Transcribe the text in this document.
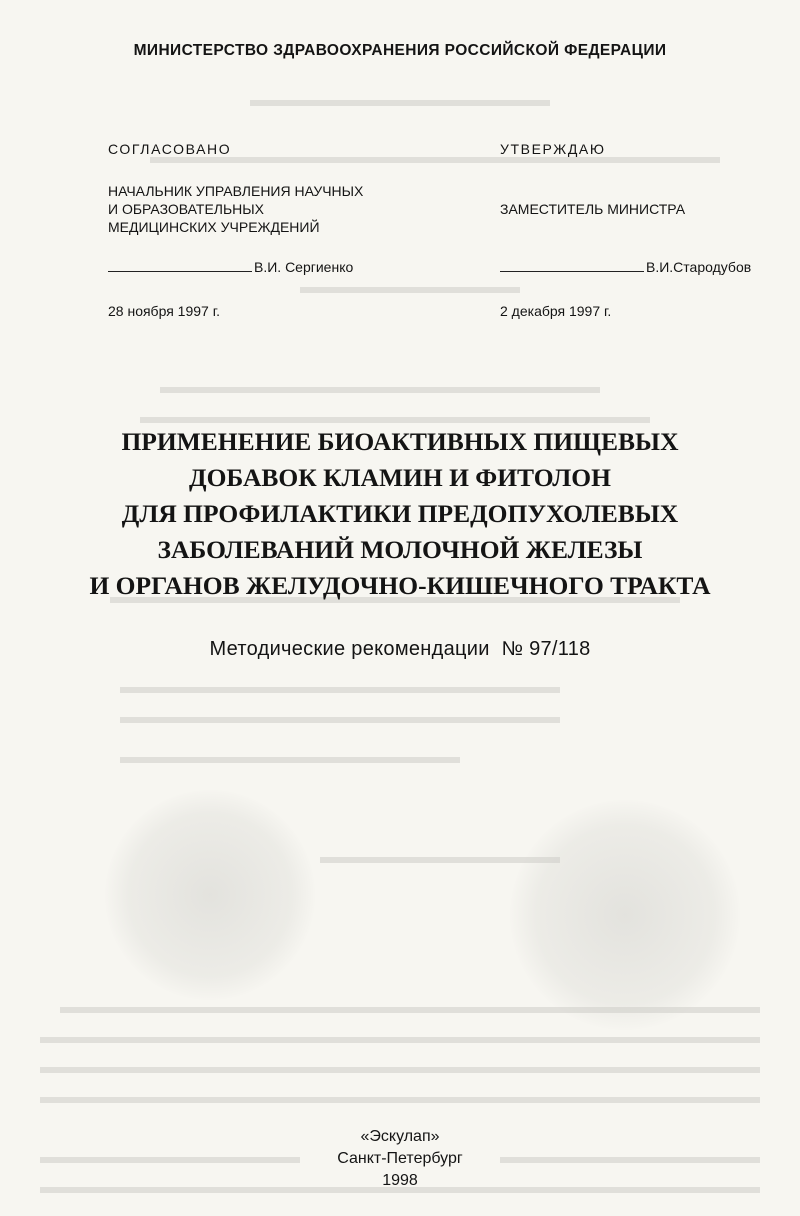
МИНИСТЕРСТВО ЗДРАВООХРАНЕНИЯ РОССИЙСКОЙ ФЕДЕРАЦИИ
СОГЛАСОВАНО
НАЧАЛЬНИК УПРАВЛЕНИЯ НАУЧНЫХ
И ОБРАЗОВАТЕЛЬНЫХ
МЕДИЦИНСКИХ УЧРЕЖДЕНИЙ
В.И. Сергиенко
28 ноября 1997 г.
УТВЕРЖДАЮ
ЗАМЕСТИТЕЛЬ МИНИСТРА
В.И.Стародубов
2 декабря 1997 г.
ПРИМЕНЕНИЕ БИОАКТИВНЫХ ПИЩЕВЫХ
ДОБАВОК КЛАМИН И ФИТОЛОН
ДЛЯ ПРОФИЛАКТИКИ ПРЕДОПУХОЛЕВЫХ
ЗАБОЛЕВАНИЙ МОЛОЧНОЙ ЖЕЛЕЗЫ
И ОРГАНОВ ЖЕЛУДОЧНО-КИШЕЧНОГО ТРАКТА
Методические рекомендации  № 97/118
«Эскулап»
Санкт-Петербург
1998
